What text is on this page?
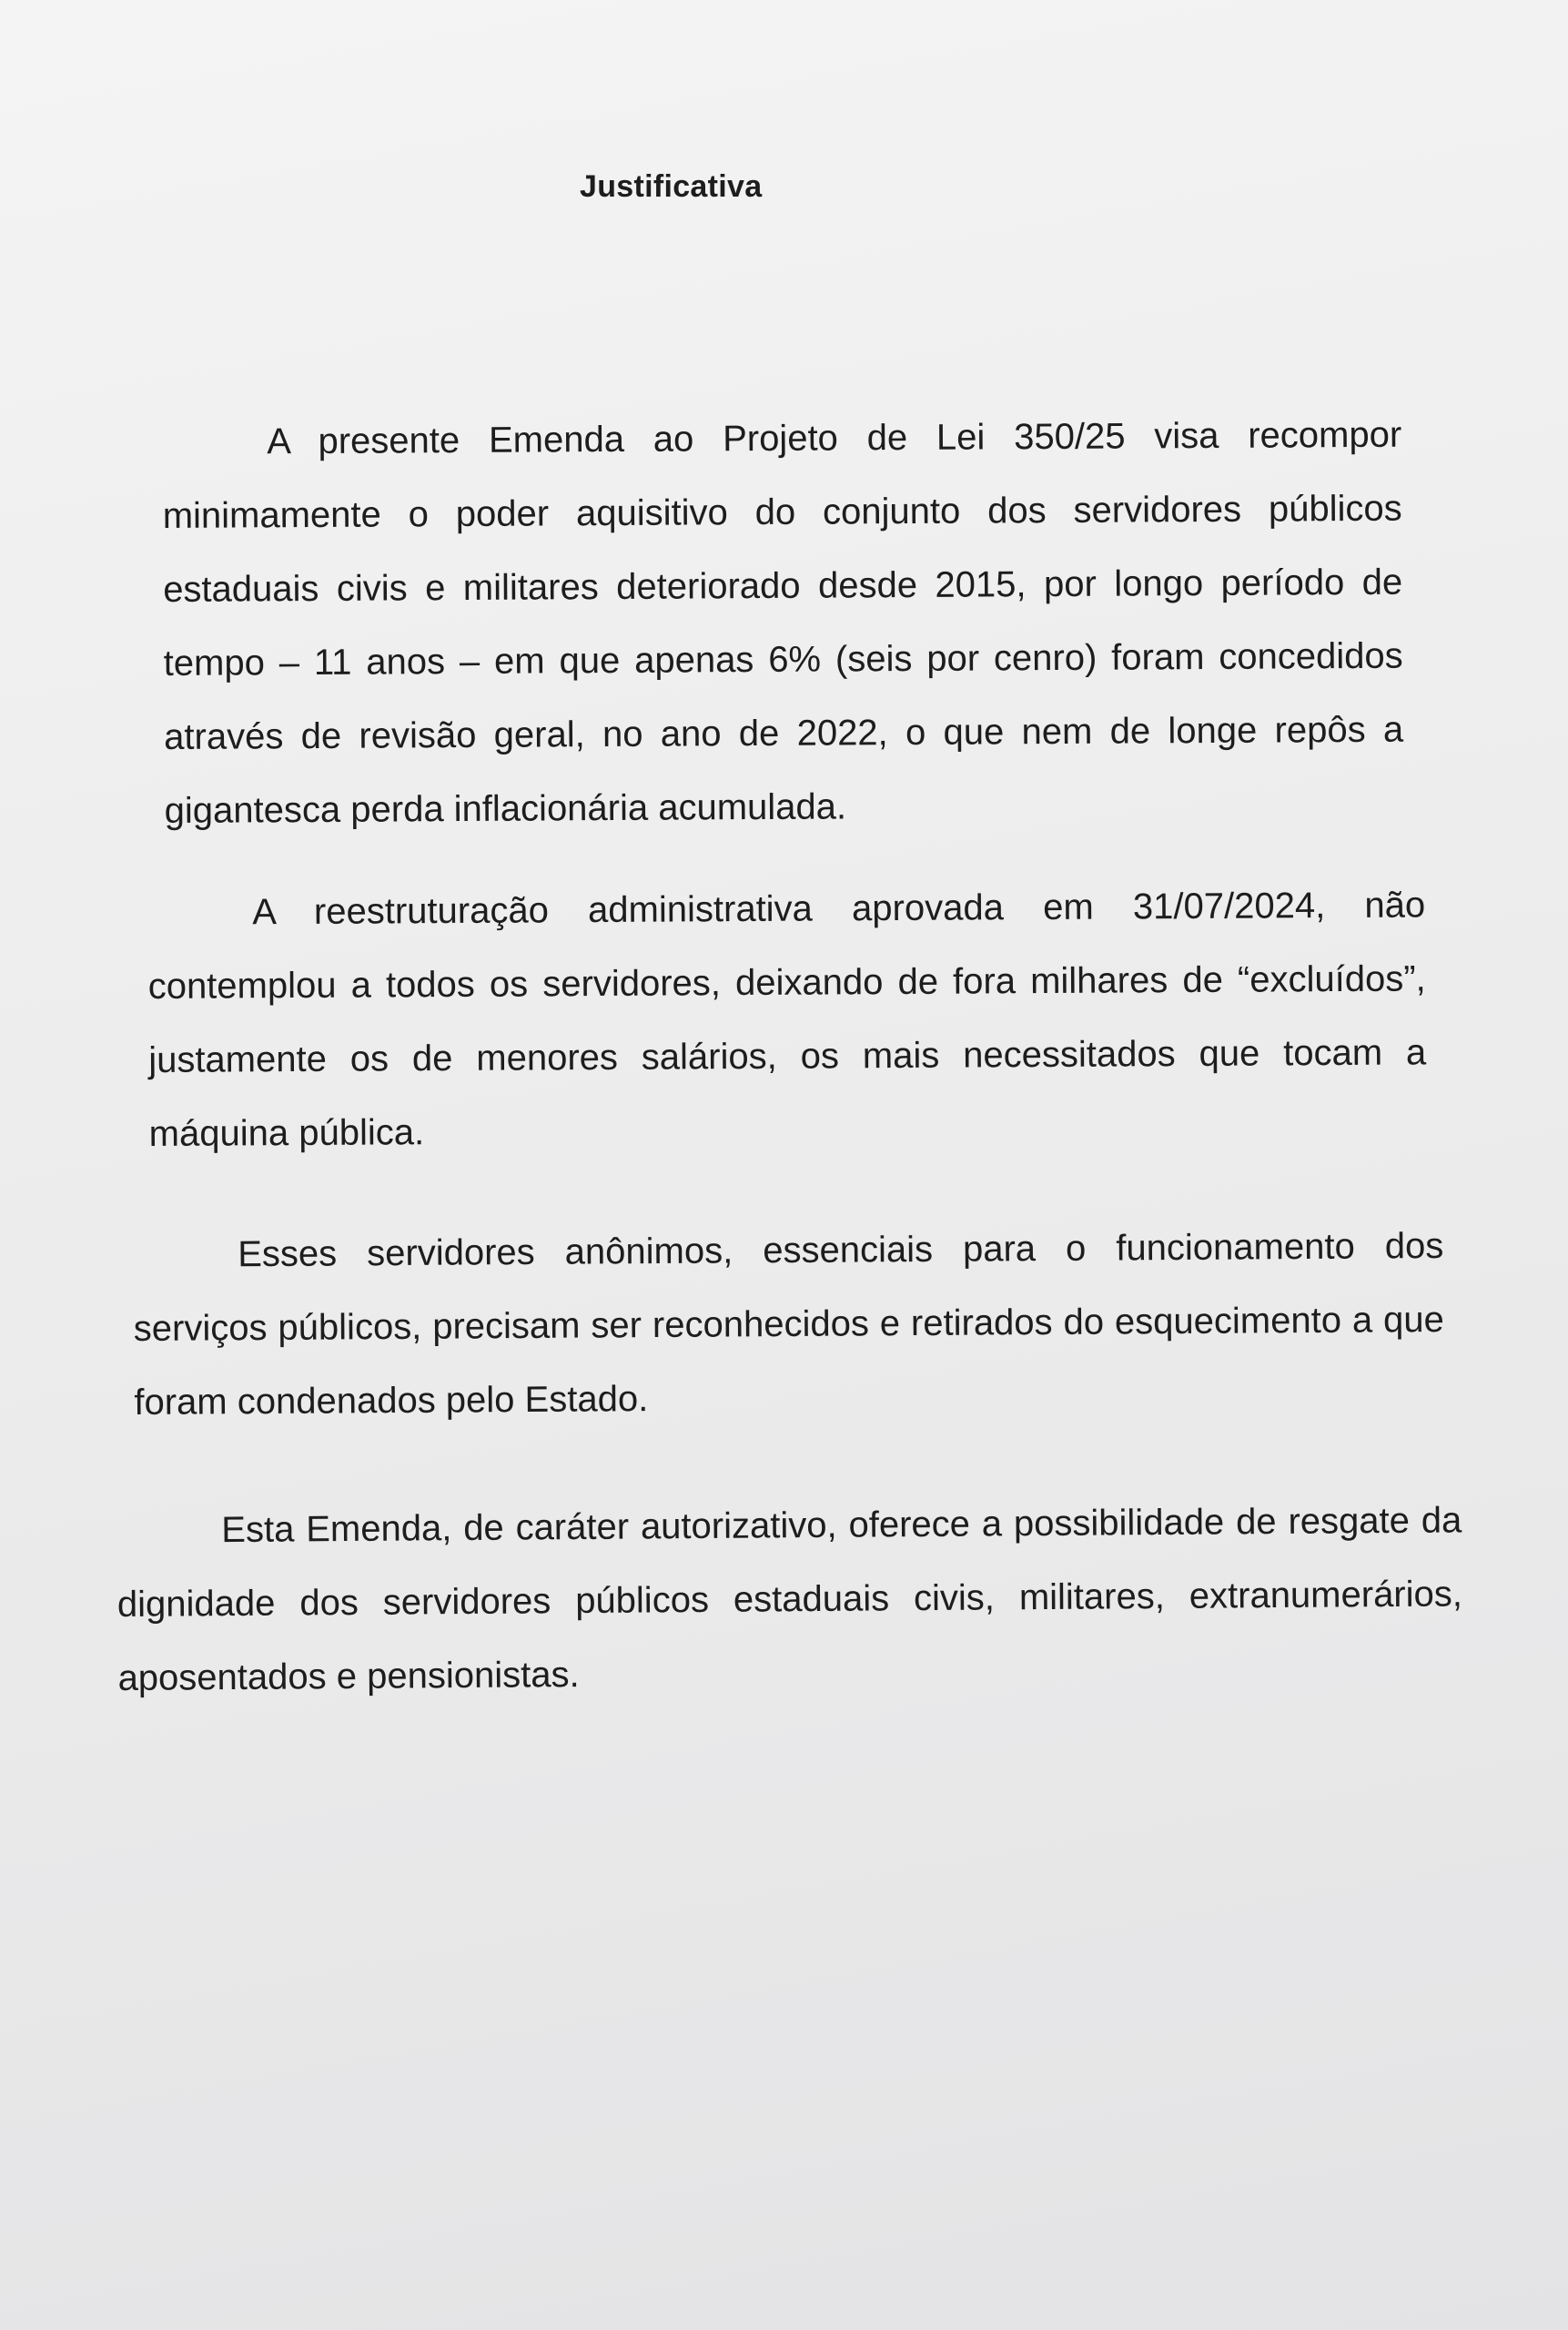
Justificativa

A presente Emenda ao Projeto de Lei 350/25 visa recompor minimamente o poder aquisitivo do conjunto dos servidores públicos estaduais civis e militares deteriorado desde 2015, por longo período de tempo – 11 anos – em que apenas 6% (seis por cenro) foram concedidos através de revisão geral, no ano de 2022, o que nem de longe repôs a gigantesca perda inflacionária acumulada.

A reestruturação administrativa aprovada em 31/07/2024, não contemplou a todos os servidores, deixando de fora milhares de “excluídos”, justamente os de menores salários, os mais necessitados que tocam a máquina pública.

Esses servidores anônimos, essenciais para o funcionamento dos serviços públicos, precisam ser reconhecidos e retirados do esquecimento a que foram condenados pelo Estado.

Esta Emenda, de caráter autorizativo, oferece a possibilidade de resgate da dignidade dos servidores públicos estaduais civis, militares, extranumerários, aposentados e pensionistas.
